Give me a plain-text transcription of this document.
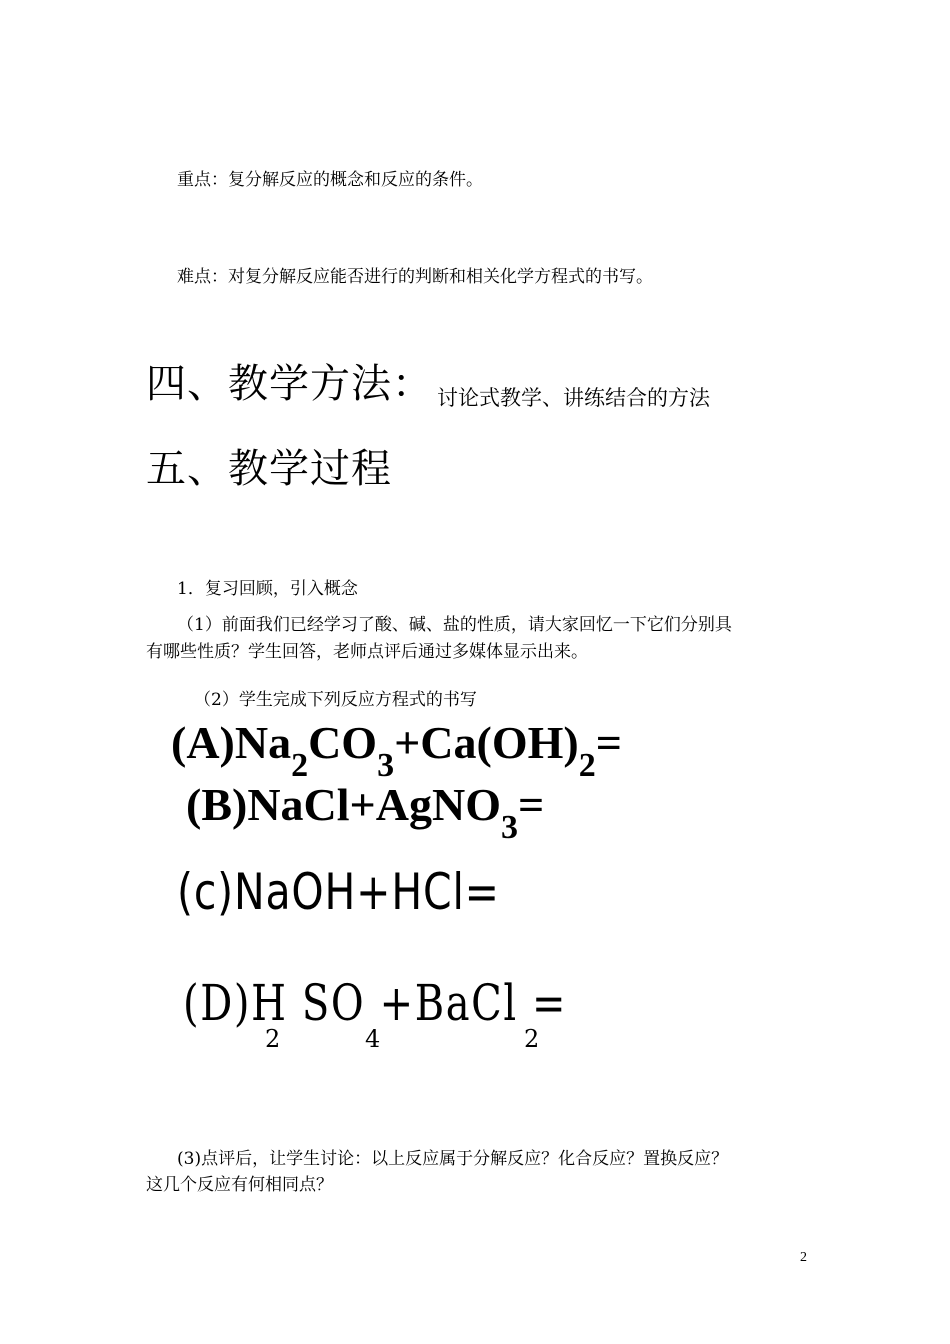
重点：复分解反应的概念和反应的条件。
难点：对复分解反应能否进行的判断和相关化学方程式的书写。
四、教学方法： 讨论式教学、讲练结合的方法
五、教学过程
1．复习回顾，引入概念
（1）前面我们已经学习了酸、碱、盐的性质，请大家回忆一下它们分别具
有哪些性质？学生回答，老师点评后通过多媒体显示出来。
（2）学生完成下列反应方程式的书写
$(A)Na_2CO_3+Ca(OH)_2=$
(B)NaCl+AgNO$_3$=
(c)NaOH+HCl=
(D)H SO +BaCl =
2	4	2
(3)点评后，让学生讨论：以上反应属于分解反应？化合反应？置换反应？
这几个反应有何相同点？
2
